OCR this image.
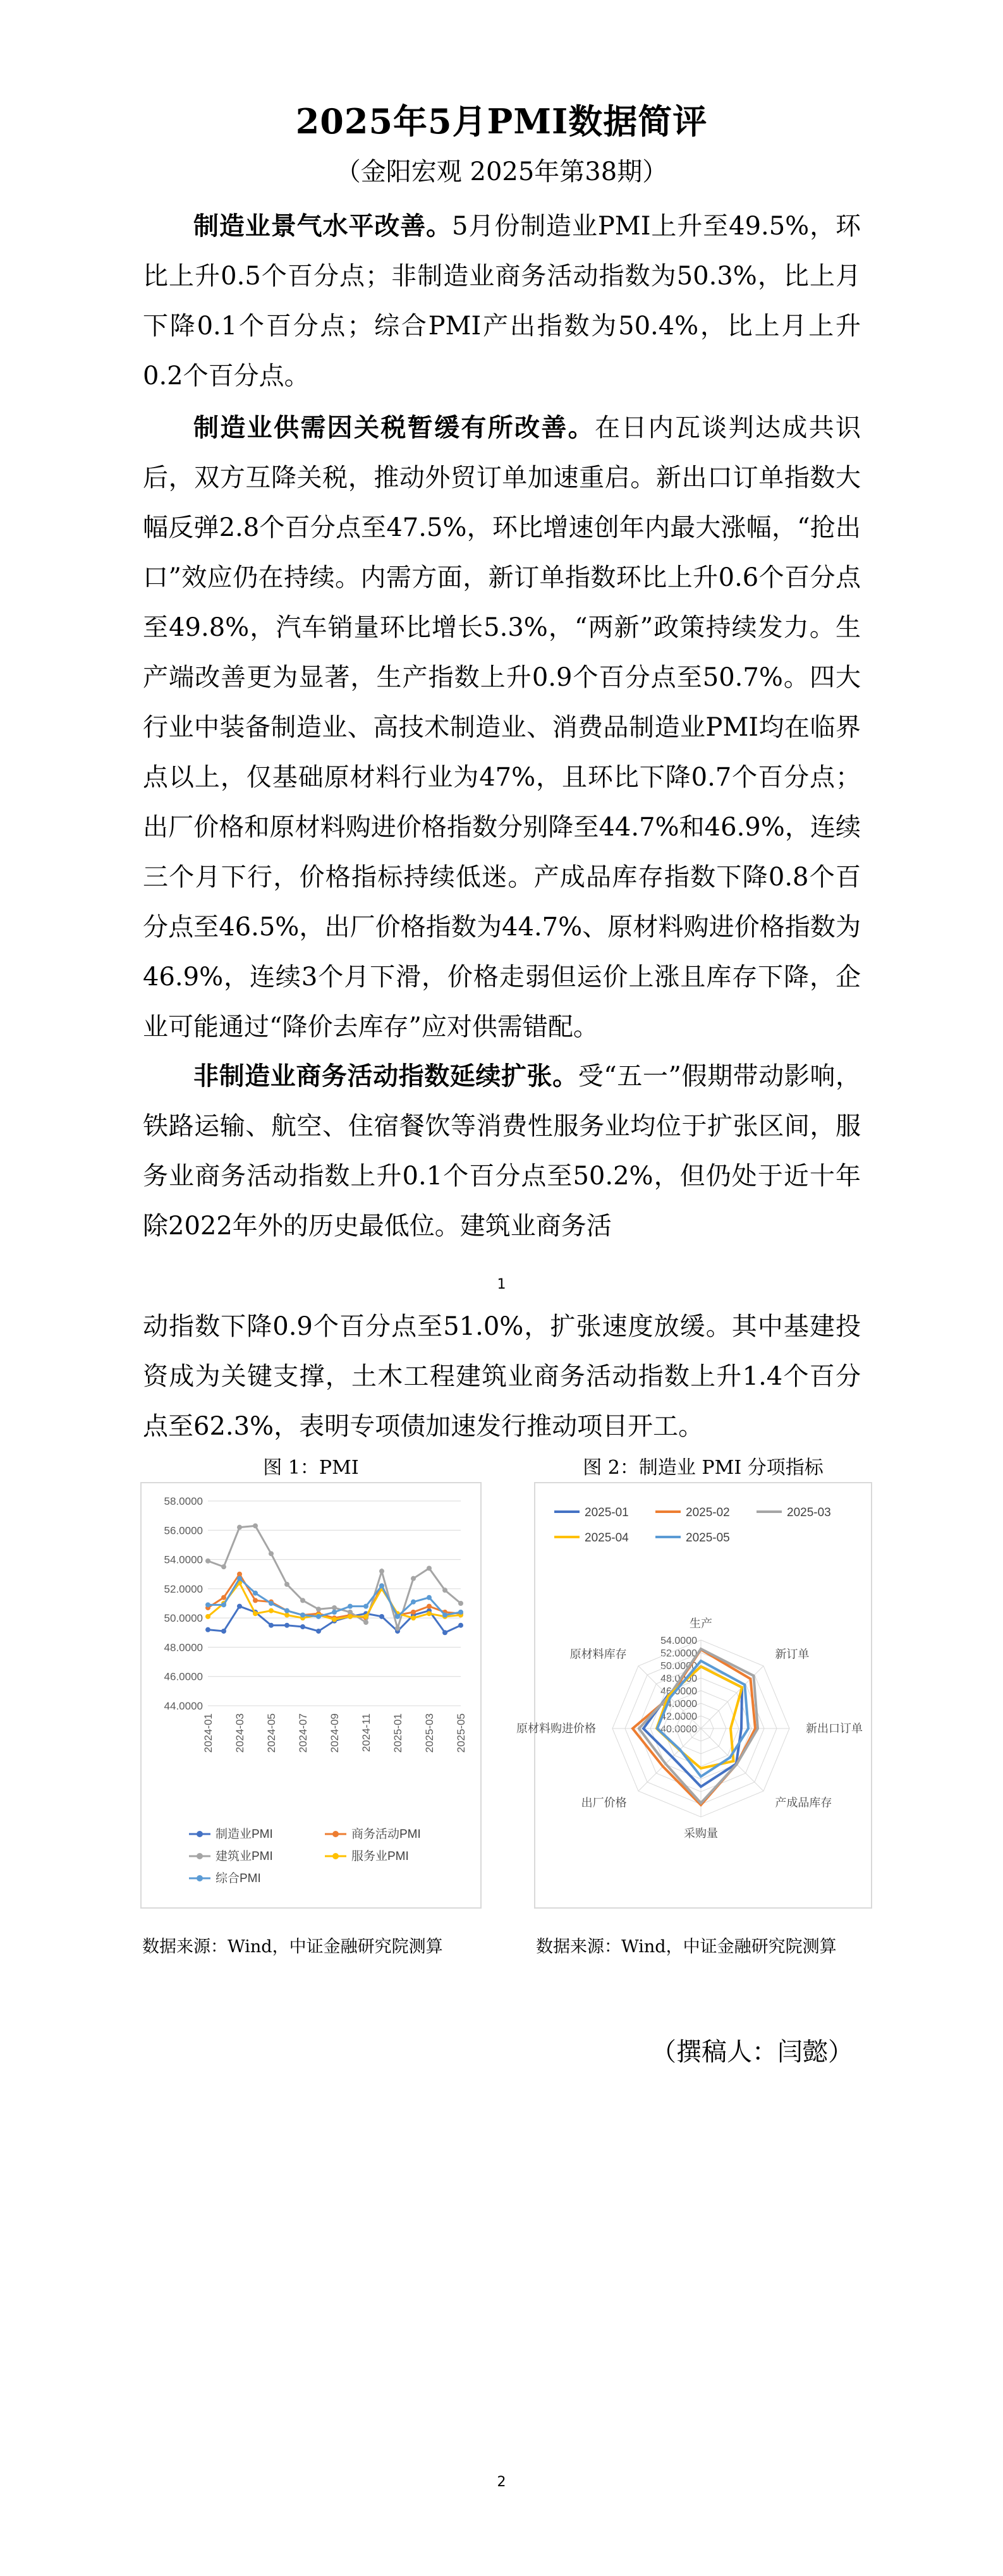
2025年5月PMI数据简评
（金阳宏观 2025年第38期）

制造业景气水平改善。5月份制造业PMI上升至49.5%，环比上升0.5个百分点；非制造业商务活动指数为50.3%，比上月下降0.1个百分点；综合PMI产出指数为50.4%，比上月上升0.2个百分点。

制造业供需因关税暂缓有所改善。在日内瓦谈判达成共识后，双方互降关税，推动外贸订单加速重启。新出口订单指数大幅反弹2.8个百分点至47.5%，环比增速创年内最大涨幅，“抢出口”效应仍在持续。内需方面，新订单指数环比上升0.6个百分点至49.8%，汽车销量环比增长5.3%，“两新”政策持续发力。生产端改善更为显著，生产指数上升0.9个百分点至50.7%。四大行业中装备制造业、高技术制造业、消费品制造业PMI均在临界点以上，仅基础原材料行业为47%，且环比下降0.7个百分点；出厂价格和原材料购进价格指数分别降至44.7%和46.9%，连续三个月下行，价格指标持续低迷。产成品库存指数下降0.8个百分点至46.5%，出厂价格指数为44.7%、原材料购进价格指数为46.9%，连续3个月下滑，价格走弱但运价上涨且库存下降，企业可能通过“降价去库存”应对供需错配。

非制造业商务活动指数延续扩张。受“五一”假期带动影响，铁路运输、航空、住宿餐饮等消费性服务业均位于扩张区间，服务业商务活动指数上升0.1个百分点至50.2%，但仍处于近十年除2022年外的历史最低位。建筑业商务活

1

动指数下降0.9个百分点至51.0%，扩张速度放缓。其中基建投资成为关键支撑，土木工程建筑业商务活动指数上升1.4个百分点至62.3%，表明专项债加速发行推动项目开工。

图 1：PMI
44.0000
46.0000
48.0000
50.0000
52.0000
54.0000
56.0000
58.0000
2024-01 2024-03 2024-05 2024-07 2024-09 2024-11 2025-01 2025-03 2025-05
制造业PMI	商务活动PMI
建筑业PMI	服务业PMI
综合PMI
数据来源：Wind，中证金融研究院测算
图 2：制造业 PMI 分项指标
40.0000
42.0000
44.0000
46.0000
48.0000
50.0000
52.0000
54.0000
生产
新订单
新出口订单
产成品库存
采购量
出厂价格
原材料购进价格
原材料库存
2025-01	2025-02	2025-03
2025-04	2025-05
数据来源：Wind，中证金融研究院测算
（撰稿人：闫懿）
2
